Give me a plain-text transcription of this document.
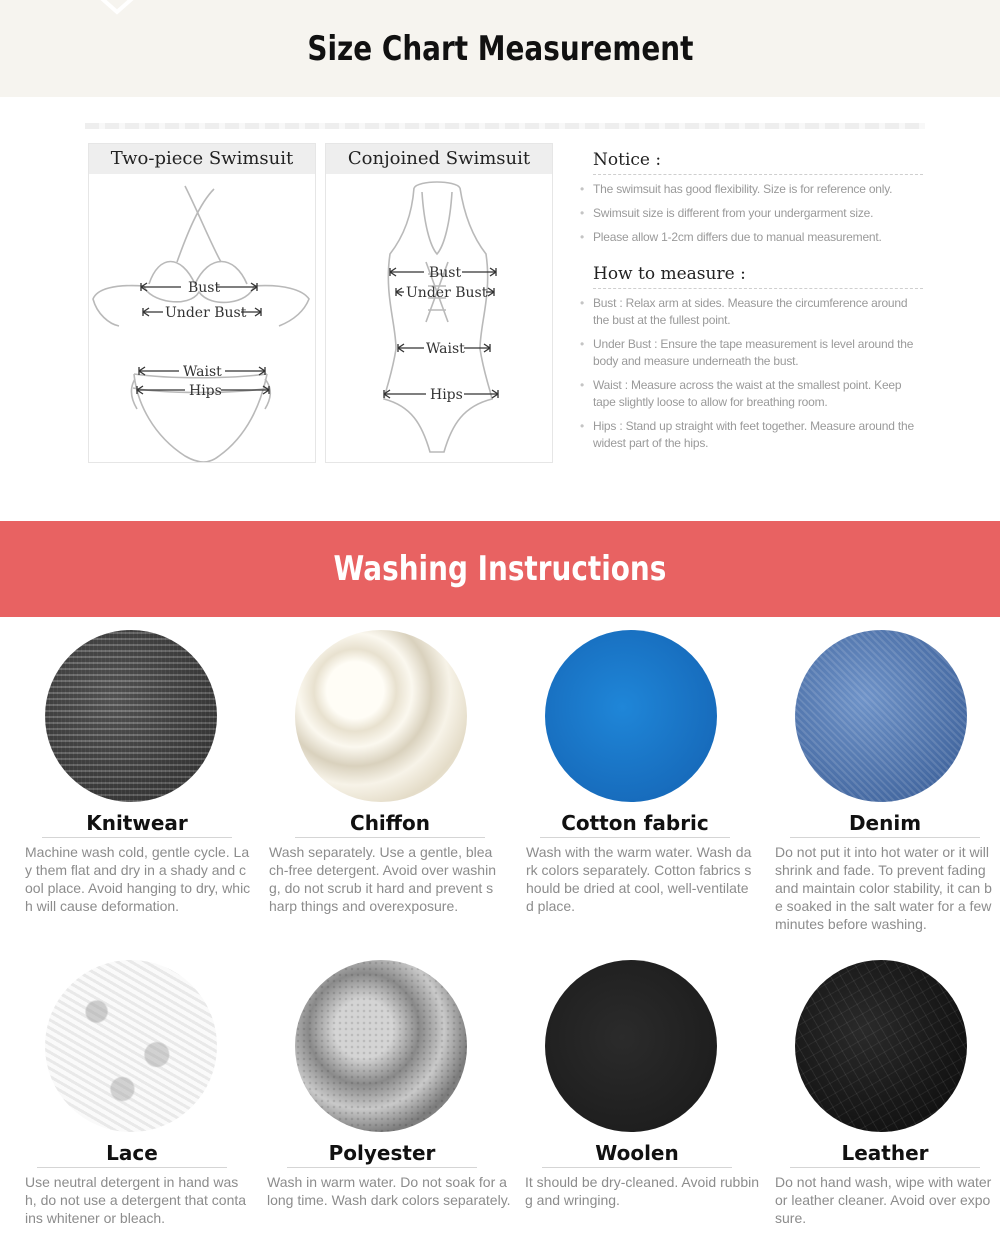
Size Chart Measurement
Two-piece Swimsuit
Bust
Under Bust
Waist
Hips
Conjoined Swimsuit
Bust
Under Bust
Waist
Hips
Notice :
• The swimsuit has good flexibility. Size is for reference only.
• Swimsuit size is different from your undergarment size.
• Please allow 1-2cm differs due to manual measurement.
How to measure :
• Bust : Relax arm at sides. Measure the circumference around the bust at the fullest point.
• Under Bust : Ensure the tape measurement is level around the body and measure underneath the bust.
• Waist : Measure across the waist at the smallest point. Keep tape slightly loose to allow for breathing room.
• Hips : Stand up straight with feet together. Measure around the widest part of the hips.
Washing Instructions
Knitwear
Machine wash cold, gentle cycle. Lay them flat and dry in a shady and cool place. Avoid hanging to dry, which will cause deformation.
Chiffon
Wash separately. Use a gentle, bleach-free detergent. Avoid over washing, do not scrub it hard and prevent sharp things and overexposure.
Cotton fabric
Wash with the warm water. Wash dark colors separately. Cotton fabrics should be dried at cool, well-ventilated place.
Denim
Do not put it into hot water or it will shrink and fade. To prevent fading and maintain color stability, it can be soaked in the salt water for a few minutes before washing.
Lace
Use neutral detergent in hand wash, do not use a detergent that contains whitener or bleach.
Polyester
Wash in warm water. Do not soak for a long time. Wash dark colors separately.
Woolen
It should be dry-cleaned. Avoid rubbing and wringing.
Leather
Do not hand wash, wipe with water or leather cleaner. Avoid over exposure.
